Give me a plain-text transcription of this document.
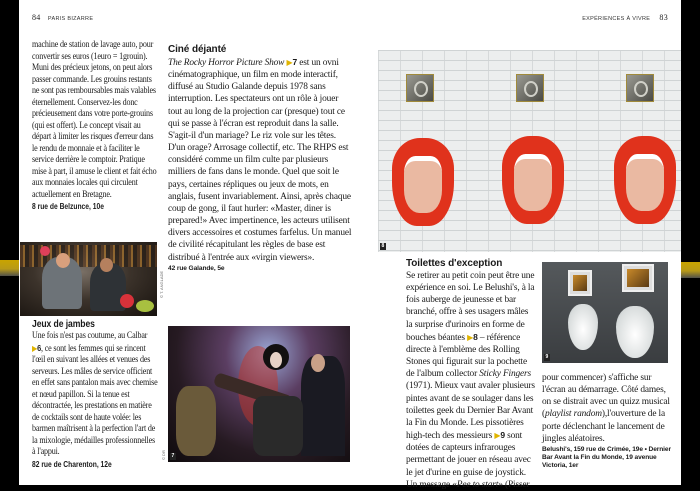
84 PARIS BIZARRE	EXPÉRIENCES À VIVRE 83

machine de station de lavage auto, pour convertir ses euros (1euro = 1grouin). Muni des précieux jetons, on peut alors passer commande. Les grouins restants ne sont pas remboursables mais valables éternellement. Conservez-les donc précieusement dans votre porte-grouins (qui est offert). Le concept visait au départ à limiter les risques d'erreur dans le rendu de monnaie et à faciliter le service derrière le comptoir. Pratique mise à part, il amuse le client et fait écho aux monnaies locales qui circulent actuellement en Bretagne.

8 rue de Belzunce, 10e
© T. ANGLADE
Jeux de jambes

Une fois n'est pas coutume, au Calbar ▶6, ce sont les femmes qui se rincent l'œil en suivant les allées et venues des serveurs. Les mâles de service officient en effet sans pantalon mais avec chemise et nœud papillon. Si la tenue est décontractée, les prestations en matière de cocktails sont de haute volée: les barmen maîtrisent à la perfection l'art de la mixologie, médailles professionnelles à l'appui.

82 rue de Charenton, 12e
Ciné déjanté

The Rocky Horror Picture Show ▶7 est un ovni cinématographique, un film en mode interactif, diffusé au Studio Galande depuis 1978 sans interruption. Les spectateurs ont un rôle à jouer tout au long de la projection car (presque) tout ce qui se passe à l'écran est reproduit dans la salle. S'agit-il d'un mariage? Le riz vole sur les têtes. D'un orage? Arrosage collectif, etc. The RHPS est considéré comme un film culte par plusieurs milliers de fans dans le monde. Quel que soit le pays, certaines répliques ou jeux de mots, en anglais, fusent invariablement. Ainsi, après chaque coup de gong, il faut hurler: «Master, diner is prepared!» Avec impertinence, les acteurs utilisent divers accessoires et costumes farfelus. Un manuel de civilité récapitulant les règles de base est distribué à l'entrée aux «virgin viewers».

42 rue Galande, 5e
7
© DR
8
Toilettes d'exception

Se retirer au petit coin peut être une expérience en soi. Le Belushi's, à la fois auberge de jeunesse et bar branché, offre à ses usagers mâles la surprise d'urinoirs en forme de bouches béantes ▶8 – référence directe à l'emblème des Rolling Stones qui figurait sur la pochette de l'album collector Sticky Fingers (1971). Mieux vaut avaler plusieurs pintes avant de se soulager dans les toilettes geek du Dernier Bar Avant la Fin du Monde. Les pissotières high-tech des messieurs ▶9 sont dotées de capteurs infrarouges permettant de jouer en réseau avec le jet d'urine en guise de joystick. Un message «Pee to start» (Pisser

9

pour commencer) s'affiche sur l'écran au démarrage. Côté dames, on se distrait avec un quizz musical (playlist random),l'ouverture de la porte déclenchant le lancement de jingles aléatoires.

Belushi's, 159 rue de Crimée, 19e • Dernier Bar Avant la Fin du Monde, 19 avenue Victoria, 1er
